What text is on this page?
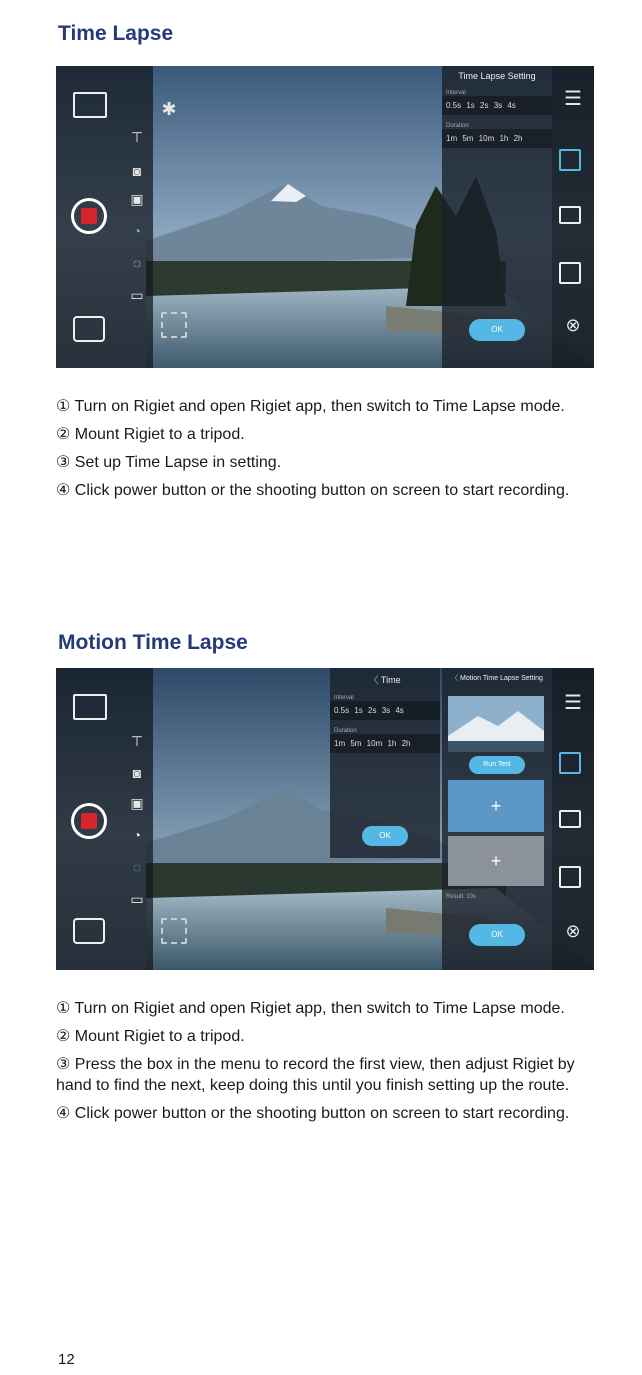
Time Lapse
⊤
◙
▣
◔
◌
▭
✱
Time Lapse Setting
Interval
0.5s 1s 2s 3s 4s
Duration
1m 5m 10m 1h 2h
OK
☰
⊗

① Turn on Rigiet and open Rigiet app, then switch to Time Lapse mode.

② Mount Rigiet to a tripod.

③ Set up Time Lapse in setting.

④ Click power button or the shooting button on screen to start recording.

Motion Time Lapse
⊤
◙
▣
◔
◌
▭
〈 Time
Interval
0.5s 1s 2s 3s 4s
Duration
1m 5m 10m 1h 2h
OK
〈 Motion Time Lapse Setting
Run Test
+
+
Result: 10s
OK
☰
⊗

① Turn on Rigiet and open Rigiet app, then switch to Time Lapse mode.

② Mount Rigiet to a tripod.

③ Press the box in the menu to record the first view, then adjust Rigiet by hand to find the next, keep doing this until you finish setting up the route.

④ Click power button or the shooting button on screen to start recording.

12
